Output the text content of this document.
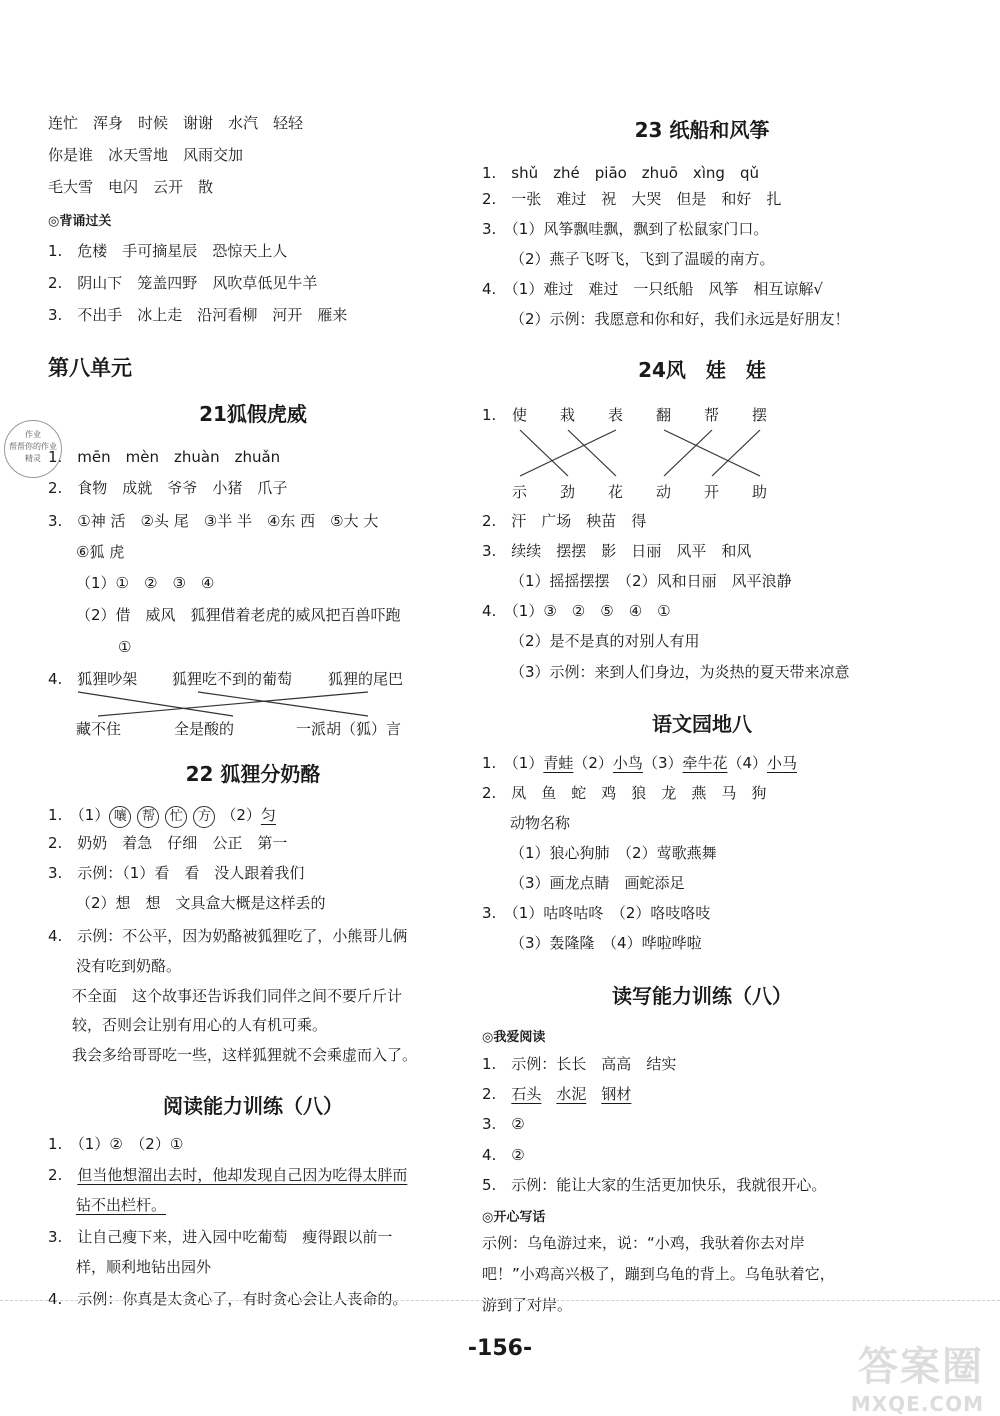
连忙　浑身　时候　谢谢　水汽　轻轻
你是谁　冰天雪地　风雨交加
毛大雪　电闪　云开　散
◎背诵过关
1.　危楼　手可摘星辰　恐惊天上人
2.　阴山下　笼盖四野　风吹草低见牛羊
3.　不出手　冰上走　沿河看柳　河开　雁来
第八单元
21狐假虎威
1.　mēn　mèn　zhuàn　zhuǎn
2.　食物　成就　爷爷　小猪　爪子
3.　①神 活　②头 尾　③半 半　④东 西　⑤大 大
⑥狐 虎
（1）①　②　③　④
（2）借　威风　狐狸借着老虎的威风把百兽吓跑
①
4.　狐狸吵架 狐狸吃不到的葡萄 狐狸的尾巴
藏不住	全是酸的	一派胡（狐）言
22 狐狸分奶酪
1.　（1） 嚷 帮 忙 方 （2）匀
2.　奶奶　着急　仔细　公正　第一
3.　示例：（1）看　看　没人跟着我们
（2）想　想　文具盒大概是这样丢的
4.　示例：不公平，因为奶酪被狐狸吃了，小熊哥儿俩
没有吃到奶酪。
不全面　这个故事还告诉我们同伴之间不要斤斤计
较，否则会让别有用心的人有机可乘。
我会多给哥哥吃一些，这样狐狸就不会乘虚而入了。
阅读能力训练（八）
1.　（1）②　（2）①
2.　 但当他想溜出去时，他却发现自己因为吃得太胖而
钻不出栏杆。
3.　让自己瘦下来，进入园中吃葡萄　瘦得跟以前一
样，顺利地钻出园外
4.　示例：你真是太贪心了，有时贪心会让人丧命的。
23 纸船和风筝
1.　shǔ　zhé　piāo　zhuō　xìng　qǔ
2.　一张　难过　祝　大哭　但是　和好　扎
3.　（1）风筝飘哇飘，飘到了松鼠家门口。
（2）燕子飞呀飞，飞到了温暖的南方。
4.　（1）难过　难过　一只纸船　风筝　相互谅解√
（2）示例：我愿意和你和好，我们永远是好朋友！
24风　娃　娃
1. 使 栽 表 翻 帮 摆
示 劲 花 动 开 助
2.　汗　广场　秧苗　得
3.　续续　摆摆　影　日丽　风平　和风
（1）摇摇摆摆　（2）风和日丽　风平浪静
4.　（1）③　②　⑤　④　①
（2）是不是真的对别人有用
（3）示例：来到人们身边，为炎热的夏天带来凉意
语文园地八
1.　（1）青蛙（2）小鸟（3）牵牛花（4）小马
2.　凤　鱼　蛇　鸡　狼　龙　燕　马　狗
动物名称
（1）狼心狗肺　（2）莺歌燕舞
（3）画龙点睛　画蛇添足
3.　（1）咕咚咕咚　（2）咯吱咯吱
（3）轰隆隆　（4）哗啦哗啦
读写能力训练（八）
◎我爱阅读
1.　示例：长长　高高　结实
2.　 石头　 水泥　 钢材
3.　②
4.　②
5.　示例：能让大家的生活更加快乐，我就很开心。
◎开心写话
示例：乌龟游过来，说：“小鸡，我驮着你去对岸
吧！”小鸡高兴极了，蹦到乌龟的背上。乌龟驮着它，
游到了对岸。
作业
帮帮你的作业
精灵
-156-	答案圈
MXQE.COM
